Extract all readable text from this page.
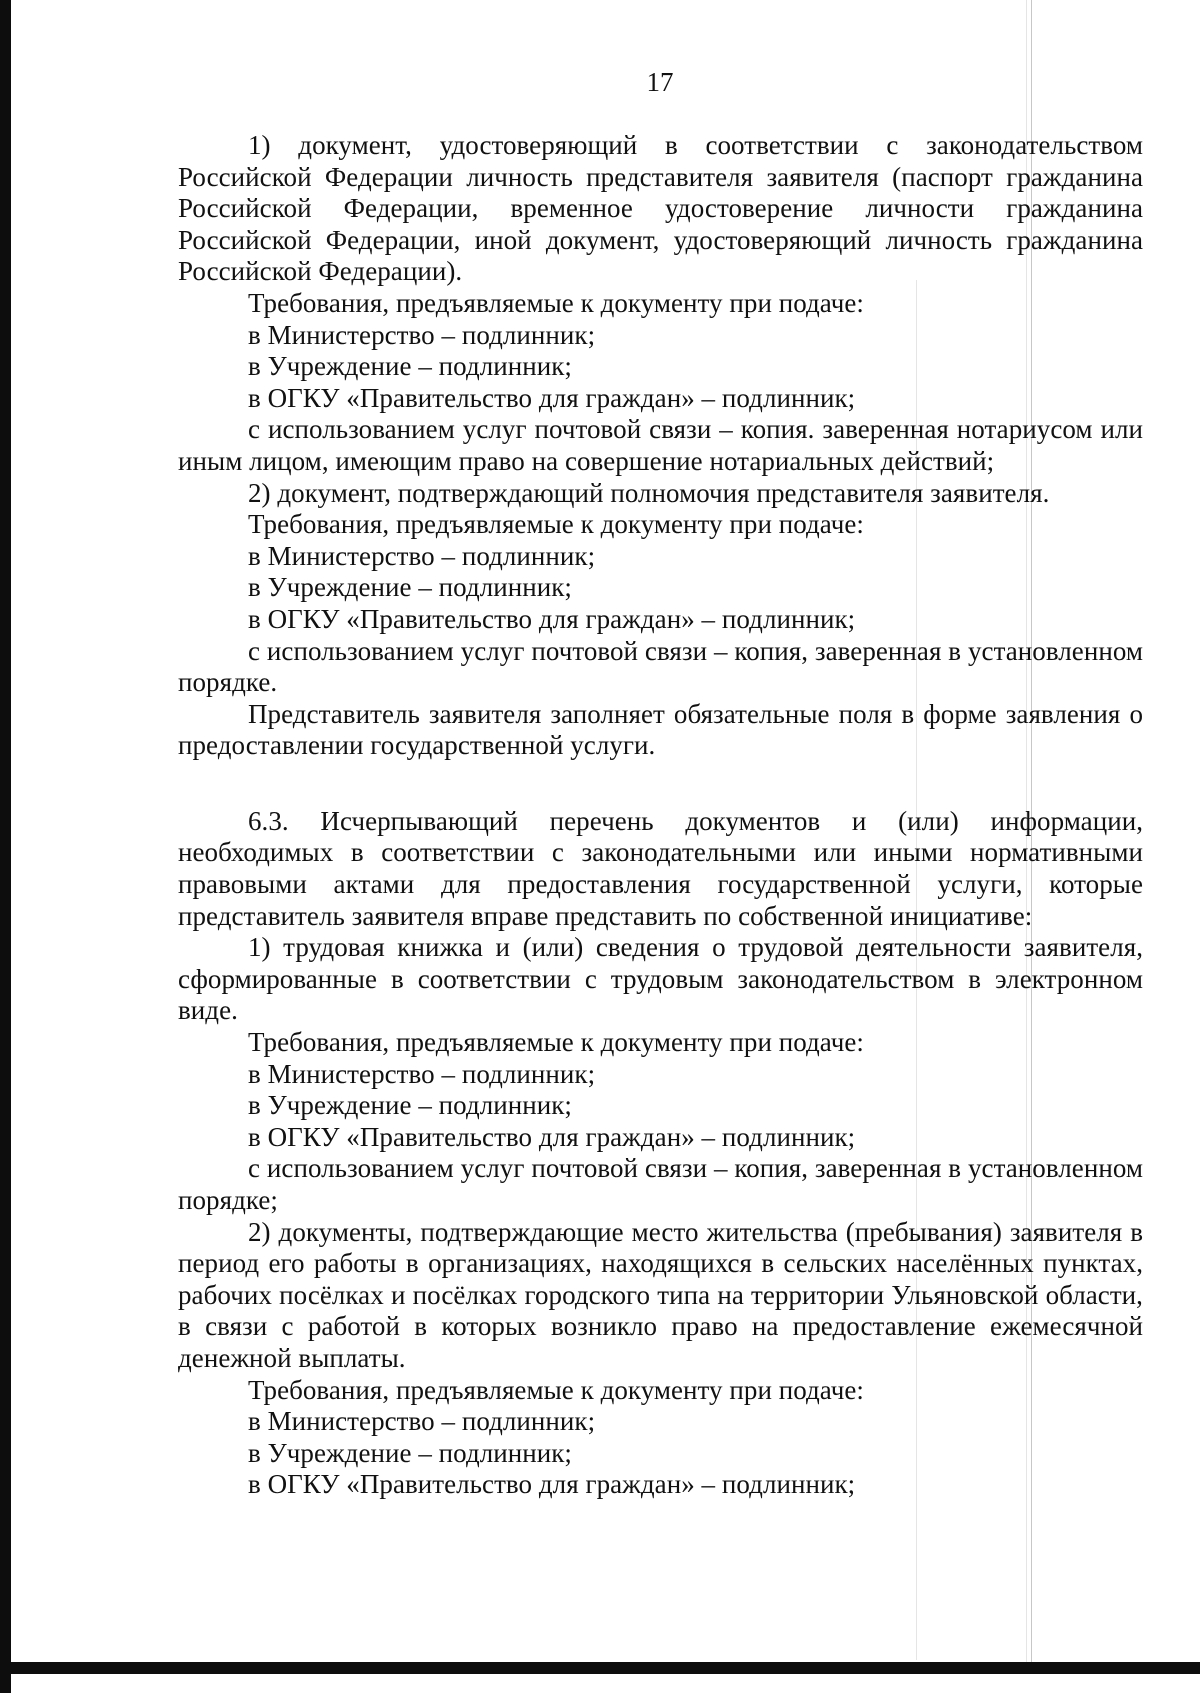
17

1) документ, удостоверяющий в соответствии с законодательством Российской Федерации личность представителя заявителя (паспорт гражданина Российской Федерации, временное удостоверение личности гражданина Российской Федерации, иной документ, удостоверяющий личность гражданина Российской Федерации).

Требования, предъявляемые к документу при подаче:

в Министерство – подлинник;

в Учреждение – подлинник;

в ОГКУ «Правительство для граждан» – подлинник;

с использованием услуг почтовой связи – копия. заверенная нотариусом или иным лицом, имеющим право на совершение нотариальных действий;

2) документ, подтверждающий полномочия представителя заявителя.

Требования, предъявляемые к документу при подаче:

в Министерство – подлинник;

в Учреждение – подлинник;

в ОГКУ «Правительство для граждан» – подлинник;

с использованием услуг почтовой связи – копия, заверенная в установленном порядке.

Представитель заявителя заполняет обязательные поля в форме заявления о предоставлении государственной услуги.

6.3. Исчерпывающий перечень документов и (или) информации, необходимых в соответствии с законодательными или иными нормативными правовыми актами для предоставления государственной услуги, которые представитель заявителя вправе представить по собственной инициативе:

1) трудовая книжка и (или) сведения о трудовой деятельности заявителя, сформированные в соответствии с трудовым законодательством в электронном виде.

Требования, предъявляемые к документу при подаче:

в Министерство – подлинник;

в Учреждение – подлинник;

в ОГКУ «Правительство для граждан» – подлинник;

с использованием услуг почтовой связи – копия, заверенная в установленном порядке;

2) документы, подтверждающие место жительства (пребывания) заявителя в период его работы в организациях, находящихся в сельских населённых пунктах, рабочих посёлках и посёлках городского типа на территории Ульяновской области, в связи с работой в которых возникло право на предоставление ежемесячной денежной выплаты.

Требования, предъявляемые к документу при подаче:

в Министерство – подлинник;

в Учреждение – подлинник;

в ОГКУ «Правительство для граждан» – подлинник;
